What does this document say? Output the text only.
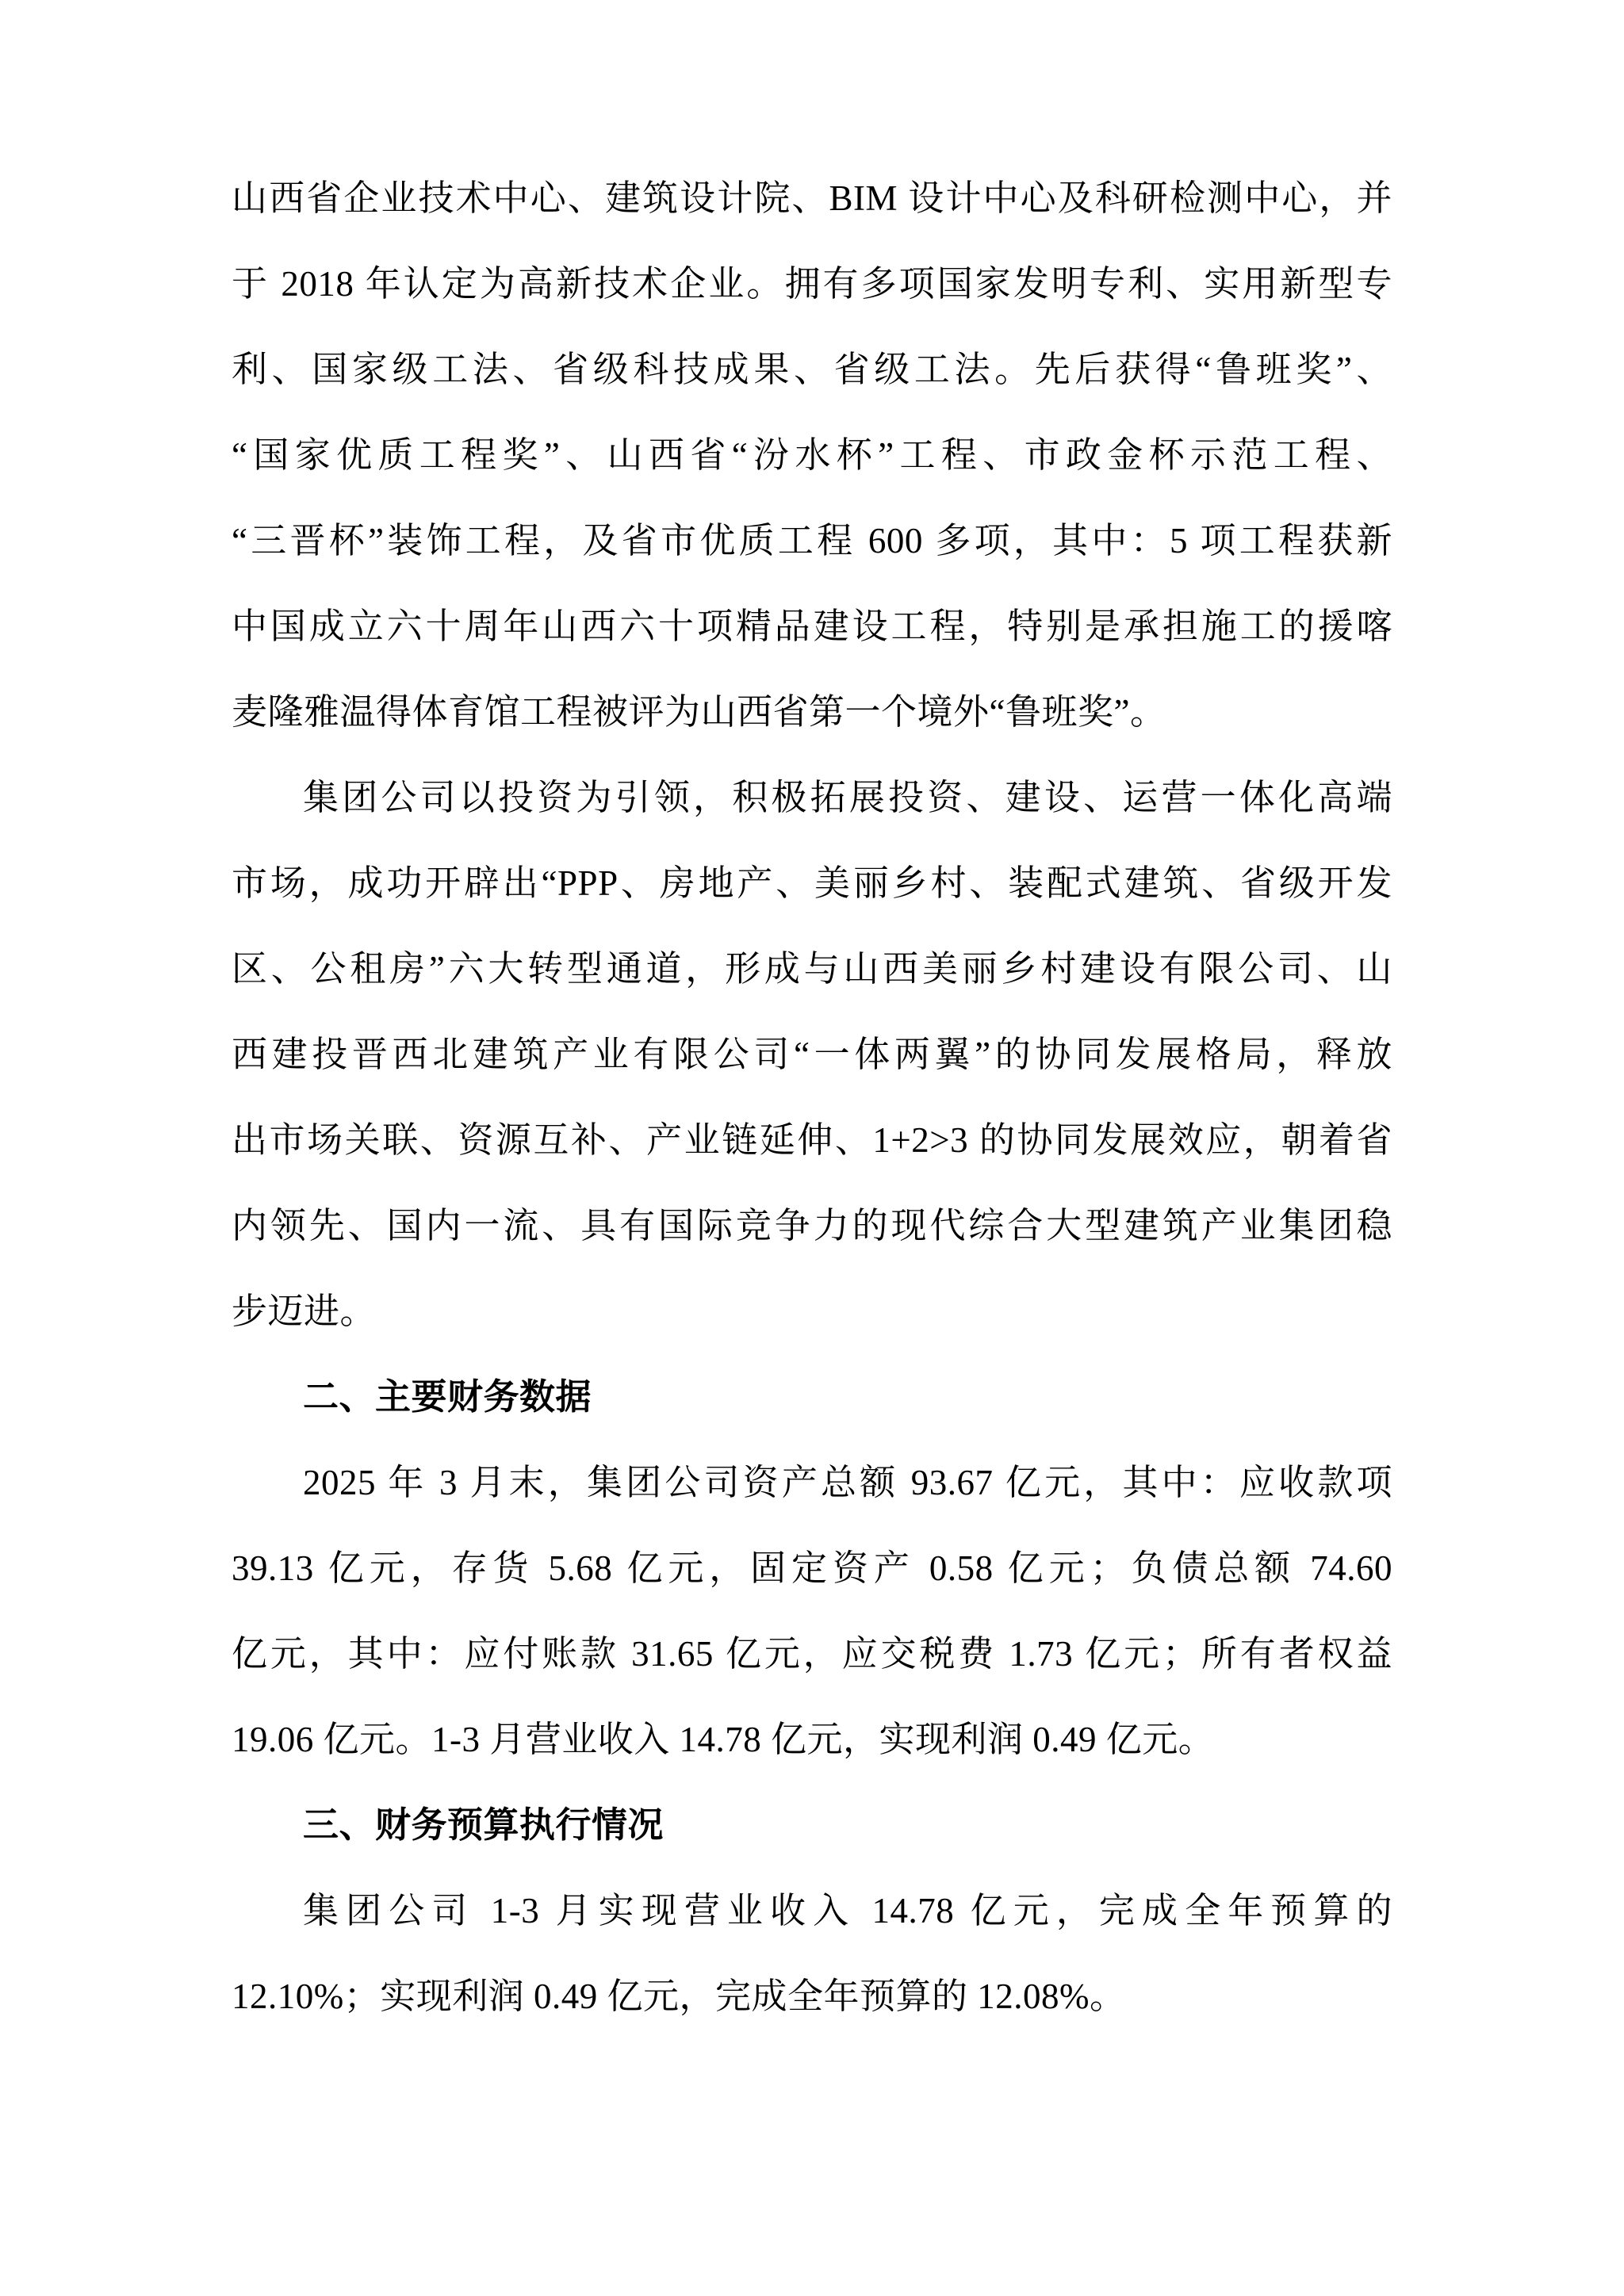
山西省企业技术中心、建筑设计院、BIM 设计中心及科研检测中心，并
于 2018 年认定为高新技术企业。拥有多项国家发明专利、实用新型专
利、国家级工法、省级科技成果、省级工法。先后获得“鲁班奖”、
“国家优质工程奖”、山西省“汾水杯”工程、市政金杯示范工程、
“三晋杯”装饰工程，及省市优质工程 600 多项，其中：5 项工程获新
中国成立六十周年山西六十项精品建设工程，特别是承担施工的援喀
麦隆雅温得体育馆工程被评为山西省第一个境外“鲁班奖”。
集团公司以投资为引领，积极拓展投资、建设、运营一体化高端
市场，成功开辟出“PPP、房地产、美丽乡村、装配式建筑、省级开发
区、公租房”六大转型通道，形成与山西美丽乡村建设有限公司、山
西建投晋西北建筑产业有限公司“一体两翼”的协同发展格局，释放
出市场关联、资源互补、产业链延伸、1+2>3 的协同发展效应，朝着省
内领先、国内一流、具有国际竞争力的现代综合大型建筑产业集团稳
步迈进。
二、主要财务数据
2025 年 3 月末，集团公司资产总额 93.67 亿元，其中：应收款项
39.13 亿元，存货 5.68 亿元，固定资产 0.58 亿元；负债总额 74.60
亿元，其中：应付账款 31.65 亿元，应交税费 1.73 亿元；所有者权益
19.06 亿元。1-3 月营业收入 14.78 亿元，实现利润 0.49 亿元。
三、财务预算执行情况
集团公司 1-3 月实现营业收入 14.78 亿元，完成全年预算的
12.10%；实现利润 0.49 亿元，完成全年预算的 12.08%。
